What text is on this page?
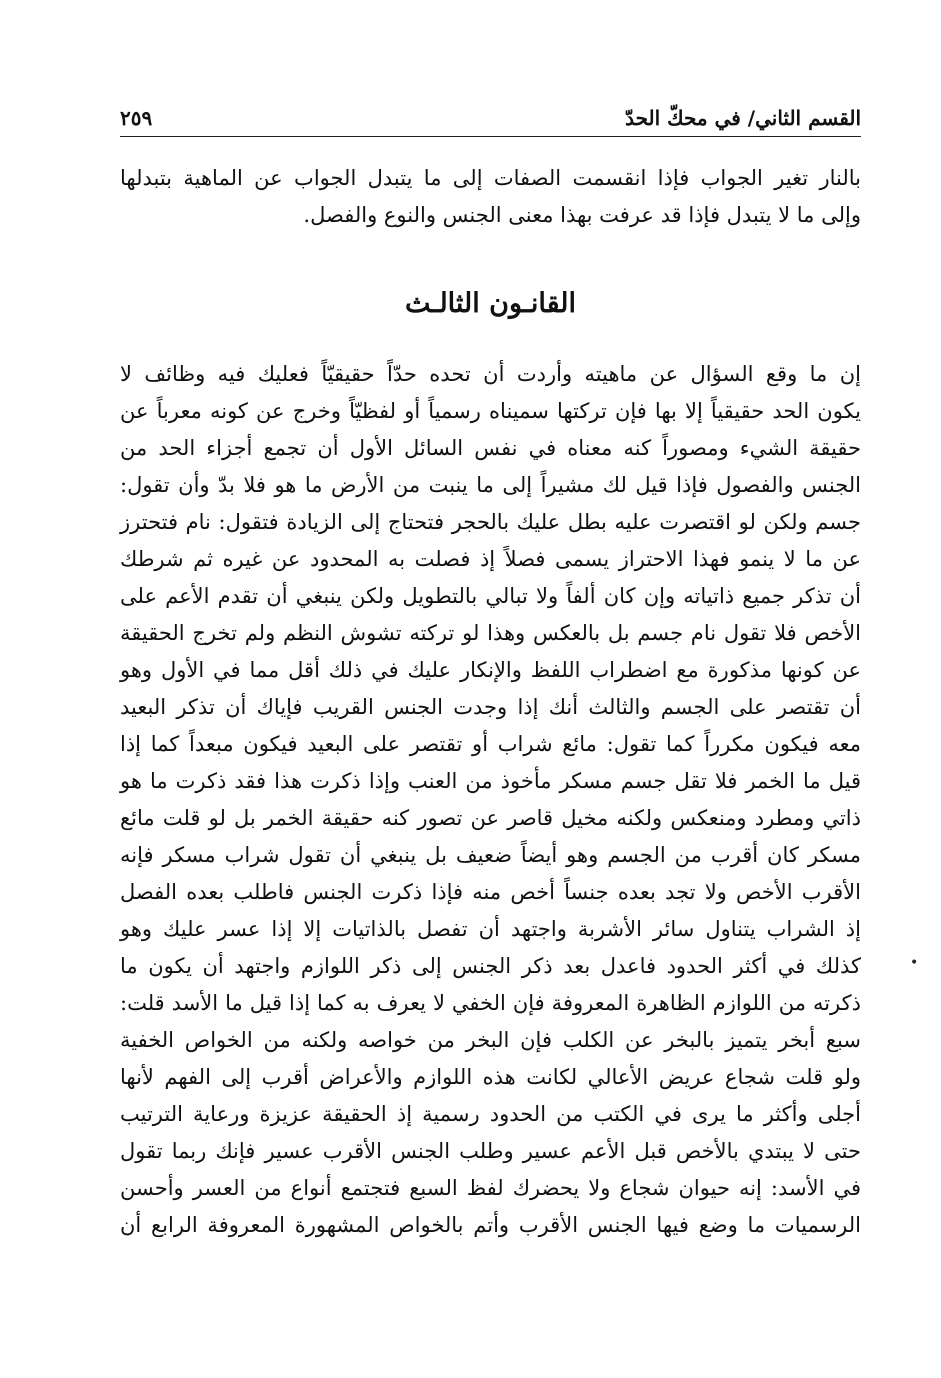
القسم الثاني/ في محكّ الحدّ
٢٥٩
بالنار تغير الجواب فإذا انقسمت الصفات إلى ما يتبدل الجواب عن الماهية بتبدلها
وإلى ما لا يتبدل فإذا قد عرفت بهذا معنى الجنس والنوع والفصل.
القانـون الثالـث
إن ما وقع السؤال عن ماهيته وأردت أن تحده حدّاً حقيقيّاً فعليك فيه وظائف لا
يكون الحد حقيقياً إلا بها فإن تركتها سميناه رسمياً أو لفظيّاً وخرج عن كونه معرباً عن
حقيقة الشيء ومصوراً كنه معناه في نفس السائل الأول أن تجمع أجزاء الحد من
الجنس والفصول فإذا قيل لك مشيراً إلى ما ينبت من الأرض ما هو فلا بدّ وأن تقول:
جسم ولكن لو اقتصرت عليه بطل عليك بالحجر فتحتاج إلى الزيادة فتقول: نام فتحترز
عن ما لا ينمو فهذا الاحتراز يسمى فصلاً إذ فصلت به المحدود عن غيره ثم شرطك
أن تذكر جميع ذاتياته وإن كان ألفاً ولا تبالي بالتطويل ولكن ينبغي أن تقدم الأعم على
الأخص فلا تقول نام جسم بل بالعكس وهذا لو تركته تشوش النظم ولم تخرج الحقيقة
عن كونها مذكورة مع اضطراب اللفظ والإنكار عليك في ذلك أقل مما في الأول وهو
أن تقتصر على الجسم والثالث أنك إذا وجدت الجنس القريب فإياك أن تذكر البعيد
معه فيكون مكرراً كما تقول: مائع شراب أو تقتصر على البعيد فيكون مبعداً كما إذا
قيل ما الخمر فلا تقل جسم مسكر مأخوذ من العنب وإذا ذكرت هذا فقد ذكرت ما هو
ذاتي ومطرد ومنعكس ولكنه مخيل قاصر عن تصور كنه حقيقة الخمر بل لو قلت مائع
مسكر كان أقرب من الجسم وهو أيضاً ضعيف بل ينبغي أن تقول شراب مسكر فإنه
الأقرب الأخص ولا تجد بعده جنساً أخص منه فإذا ذكرت الجنس فاطلب بعده الفصل
إذ الشراب يتناول سائر الأشربة واجتهد أن تفصل بالذاتيات إلا إذا عسر عليك وهو
كذلك في أكثر الحدود فاعدل بعد ذكر الجنس إلى ذكر اللوازم واجتهد أن يكون ما
ذكرته من اللوازم الظاهرة المعروفة فإن الخفي لا يعرف به كما إذا قيل ما الأسد قلت:
سبع أبخر يتميز بالبخر عن الكلب فإن البخر من خواصه ولكنه من الخواص الخفية
ولو قلت شجاع عريض الأعالي لكانت هذه اللوازم والأعراض أقرب إلى الفهم لأنها
أجلى وأكثر ما يرى في الكتب من الحدود رسمية إذ الحقيقة عزيزة ورعاية الترتيب
حتى لا يبتدي بالأخص قبل الأعم عسير وطلب الجنس الأقرب عسير فإنك ربما تقول
في الأسد: إنه حيوان شجاع ولا يحضرك لفظ السبع فتجتمع أنواع من العسر وأحسن
الرسميات ما وضع فيها الجنس الأقرب وأتم بالخواص المشهورة المعروفة الرابع أن
•
